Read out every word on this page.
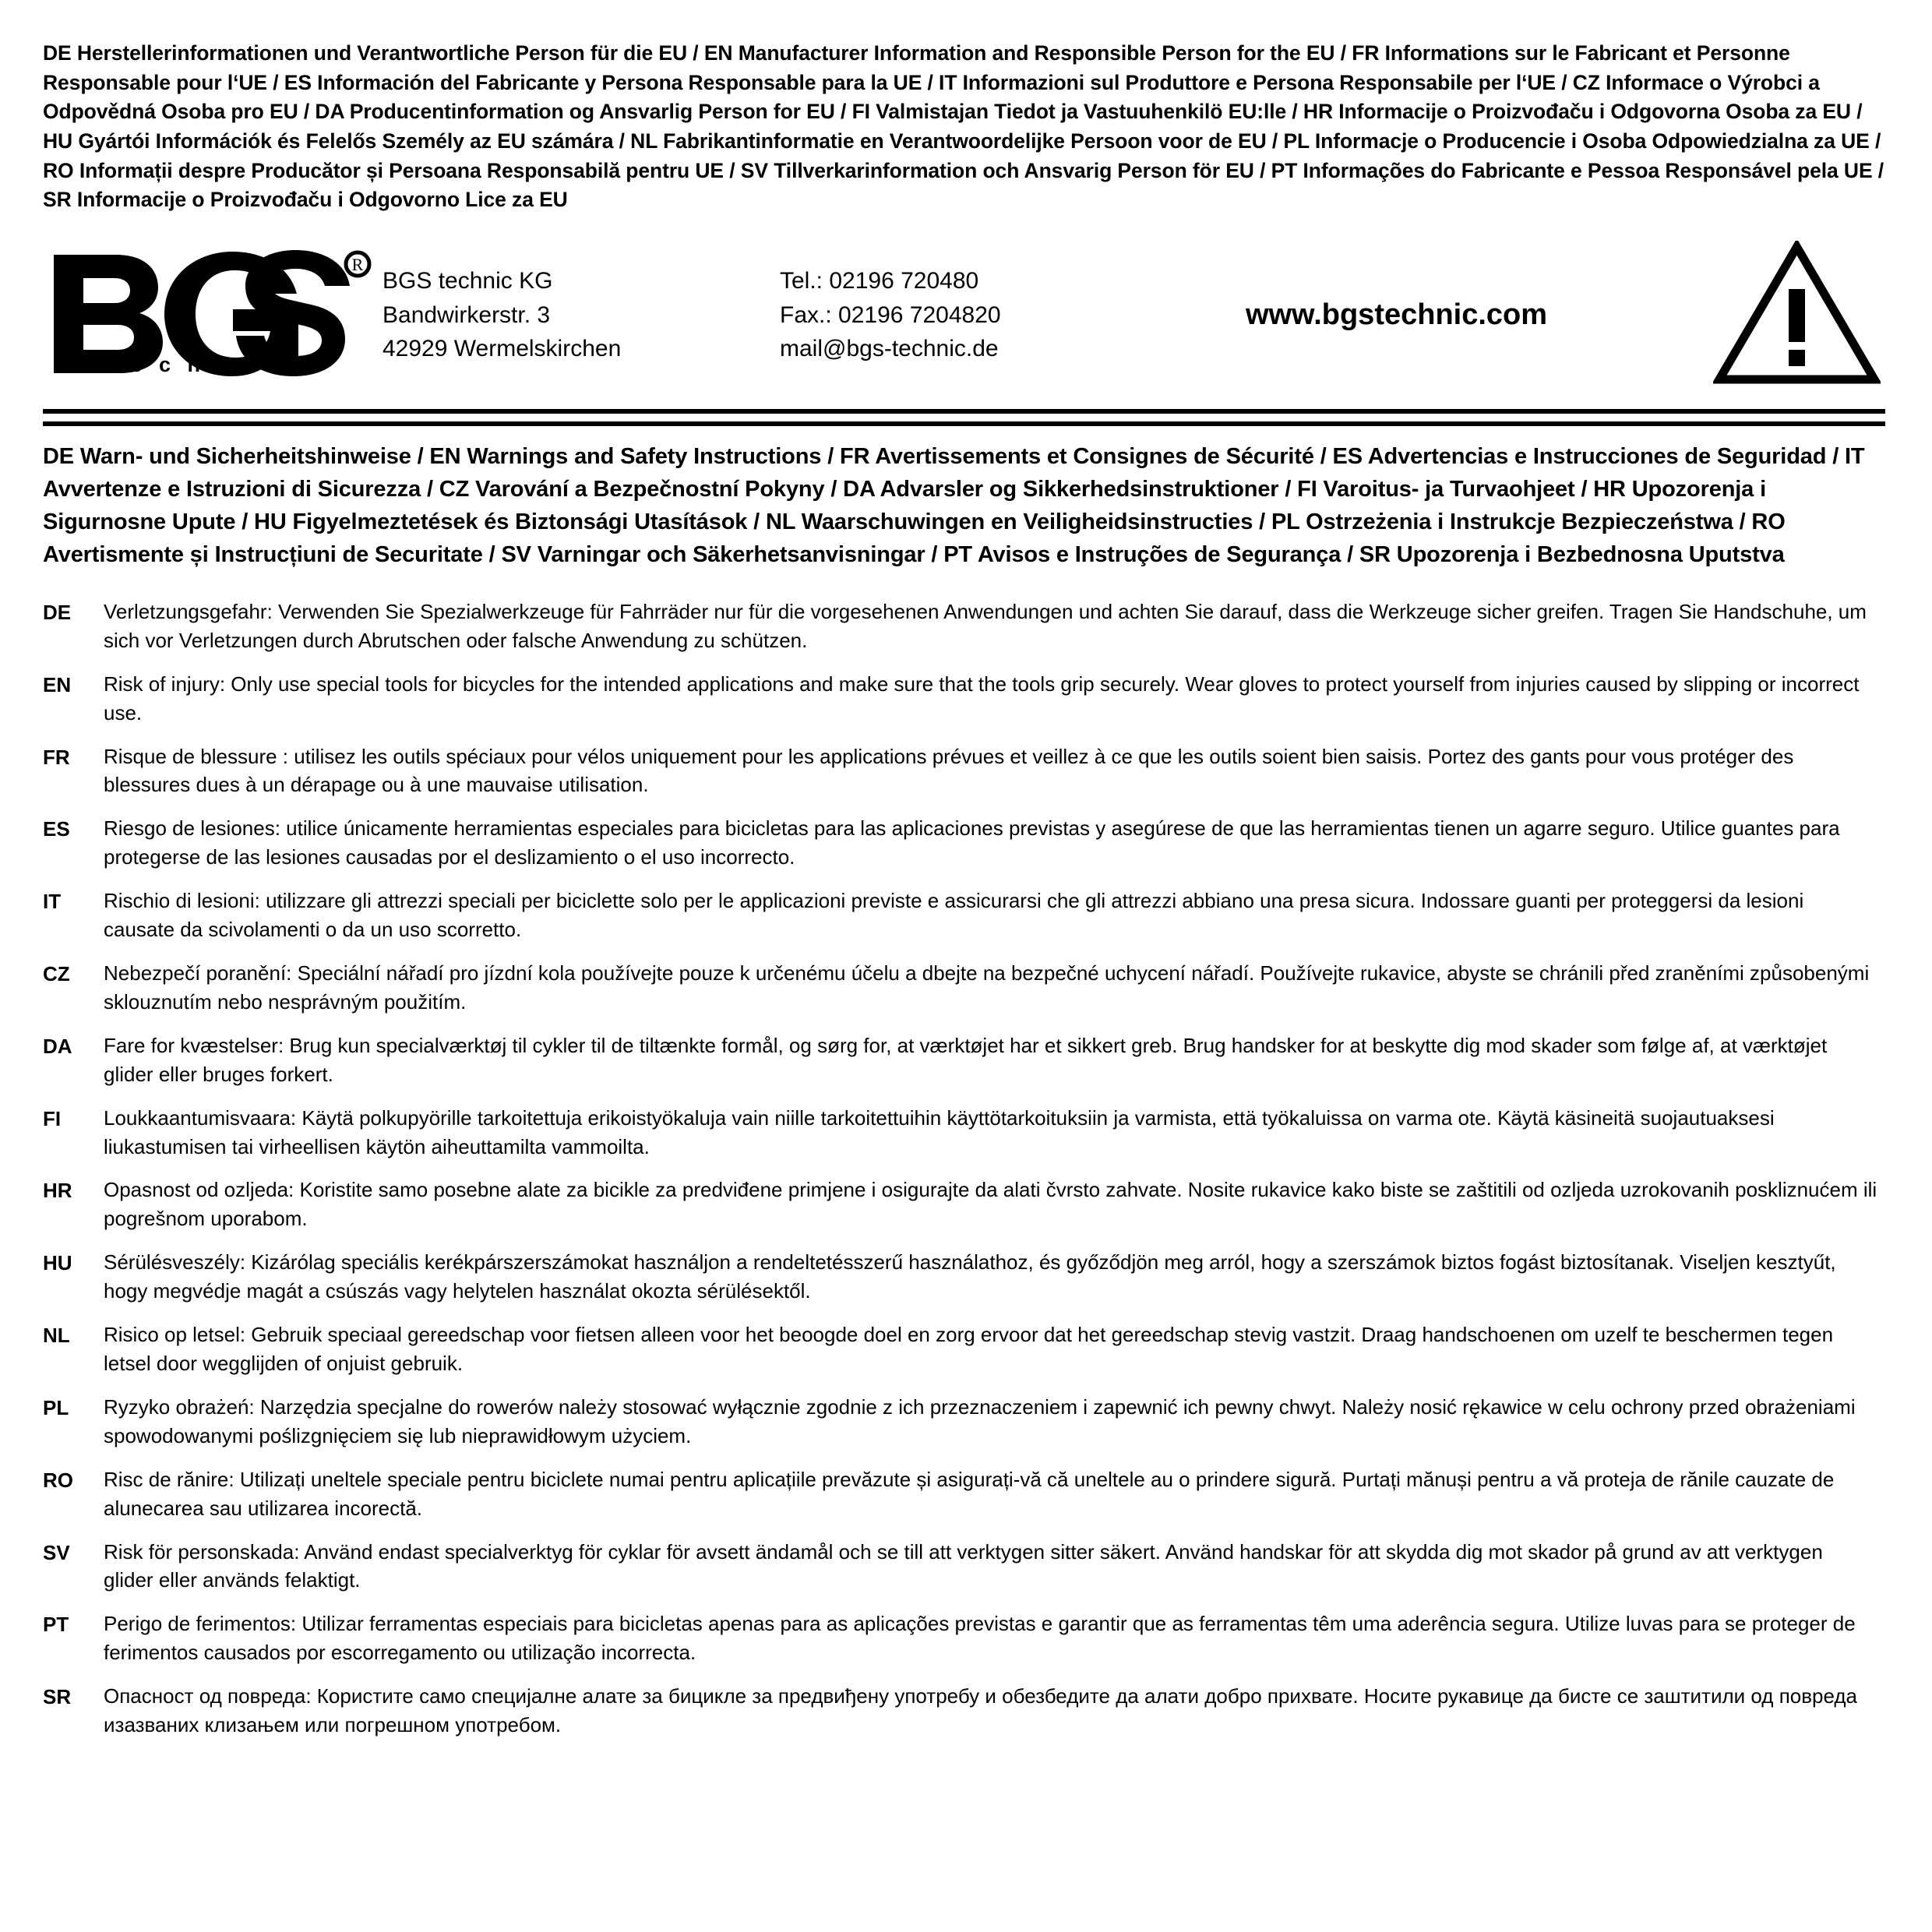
DE Herstellerinformationen und Verantwortliche Person für die EU / EN Manufacturer Information and Responsible Person for the EU / FR Informations sur le Fabricant et Personne Responsable pour l‘UE / ES Información del Fabricante y Persona Responsable para la UE / IT Informazioni sul Produttore e Persona Responsabile per l‘UE / CZ Informace o Výrobci a Odpovědná Osoba pro EU / DA Producentinformation og Ansvarlig Person for EU / FI Valmistajan Tiedot ja Vastuuhenkilö EU:lle / HR Informacije o Proizvođaču i Odgovorna Osoba za EU / HU Gyártói Információk és Felelős Személy az EU számára / NL Fabrikantinformatie en Verantwoordelijke Persoon voor de EU / PL Informacje o Producencie i Osoba Odpowiedzialna za UE / RO Informații despre Producător și Persoana Responsabilă pentru UE / SV Tillverkarinformation och Ansvarig Person för EU / PT Informações do Fabricante e Pessoa Responsável pela UE / SR Informacije o Proizvođaču i Odgovorno Lice za EU
R
t e c h n i c
BGS technic KG
Bandwirkerstr. 3
42929 Wermelskirchen
Tel.: 02196 720480
Fax.: 02196 7204820
mail@bgs-technic.de
www.bgstechnic.com
DE Warn- und Sicherheitshinweise / EN Warnings and Safety Instructions / FR Avertissements et Consignes de Sécurité / ES Advertencias e Instrucciones de Seguridad / IT Avvertenze e Istruzioni di Sicurezza / CZ Varování a Bezpečnostní Pokyny / DA Advarsler og Sikkerhedsinstruktioner / FI Varoitus- ja Turvaohjeet / HR Upozorenja i Sigurnosne Upute / HU Figyelmeztetések és Biztonsági Utasítások / NL Waarschuwingen en Veiligheidsinstructies / PL Ostrzeżenia i Instrukcje Bezpieczeństwa / RO Avertismente și Instrucțiuni de Securitate / SV Varningar och Säkerhetsanvisningar / PT Avisos e Instruções de Segurança / SR Upozorenja i Bezbednosna Uputstva
DE	Verletzungsgefahr: Verwenden Sie Spezialwerkzeuge für Fahrräder nur für die vorgesehenen Anwendungen und achten Sie darauf, dass die Werkzeuge sicher greifen. Tragen Sie Handschuhe, um sich vor Verletzungen durch Abrutschen oder falsche Anwendung zu schützen.
EN	Risk of injury: Only use special tools for bicycles for the intended applications and make sure that the tools grip securely. Wear gloves to protect yourself from injuries caused by slipping or incorrect use.
FR	Risque de blessure : utilisez les outils spéciaux pour vélos uniquement pour les applications prévues et veillez à ce que les outils soient bien saisis. Portez des gants pour vous protéger des blessures dues à un dérapage ou à une mauvaise utilisation.
ES	Riesgo de lesiones: utilice únicamente herramientas especiales para bicicletas para las aplicaciones previstas y asegúrese de que las herramientas tienen un agarre seguro. Utilice guantes para protegerse de las lesiones causadas por el deslizamiento o el uso incorrecto.
IT	Rischio di lesioni: utilizzare gli attrezzi speciali per biciclette solo per le applicazioni previste e assicurarsi che gli attrezzi abbiano una presa sicura. Indossare guanti per proteggersi da lesioni causate da scivolamenti o da un uso scorretto.
CZ	Nebezpečí poranění: Speciální nářadí pro jízdní kola používejte pouze k určenému účelu a dbejte na bezpečné uchycení nářadí. Používejte rukavice, abyste se chránili před zraněními způsobenými sklouznutím nebo nesprávným použitím.
DA	Fare for kvæstelser: Brug kun specialværktøj til cykler til de tiltænkte formål, og sørg for, at værktøjet har et sikkert greb. Brug handsker for at beskytte dig mod skader som følge af, at værktøjet glider eller bruges forkert.
FI	Loukkaantumisvaara: Käytä polkupyörille tarkoitettuja erikoistyökaluja vain niille tarkoitettuihin käyttötarkoituksiin ja varmista, että työkaluissa on varma ote. Käytä käsineitä suojautuaksesi liukastumisen tai virheellisen käytön aiheuttamilta vammoilta.
HR	Opasnost od ozljeda: Koristite samo posebne alate za bicikle za predviđene primjene i osigurajte da alati čvrsto zahvate. Nosite rukavice kako biste se zaštitili od ozljeda uzrokovanih poskliznućem ili pogrešnom uporabom.
HU	Sérülésveszély: Kizárólag speciális kerékpárszerszámokat használjon a rendeltetésszerű használathoz, és győződjön meg arról, hogy a szerszámok biztos fogást biztosítanak. Viseljen kesztyűt, hogy megvédje magát a csúszás vagy helytelen használat okozta sérülésektől.
NL	Risico op letsel: Gebruik speciaal gereedschap voor fietsen alleen voor het beoogde doel en zorg ervoor dat het gereedschap stevig vastzit. Draag handschoenen om uzelf te beschermen tegen letsel door wegglijden of onjuist gebruik.
PL	Ryzyko obrażeń: Narzędzia specjalne do rowerów należy stosować wyłącznie zgodnie z ich przeznaczeniem i zapewnić ich pewny chwyt. Należy nosić rękawice w celu ochrony przed obrażeniami spowodowanymi poślizgnięciem się lub nieprawidłowym użyciem.
RO	Risc de rănire: Utilizați uneltele speciale pentru biciclete numai pentru aplicațiile prevăzute și asigurați-vă că uneltele au o prindere sigură. Purtați mănuși pentru a vă proteja de rănile cauzate de alunecarea sau utilizarea incorectă.
SV	Risk för personskada: Använd endast specialverktyg för cyklar för avsett ändamål och se till att verktygen sitter säkert. Använd handskar för att skydda dig mot skador på grund av att verktygen glider eller används felaktigt.
PT	Perigo de ferimentos: Utilizar ferramentas especiais para bicicletas apenas para as aplicações previstas e garantir que as ferramentas têm uma aderência segura. Utilize luvas para se proteger de ferimentos causados por escorregamento ou utilização incorrecta.
SR	Опасност од повреда: Користите само специјалне алате за бицикле за предвиђену употребу и обезбедите да алати добро прихвате. Носите рукавице да бисте се заштитили од повреда изазваних клизањем или погрешном употребом.
